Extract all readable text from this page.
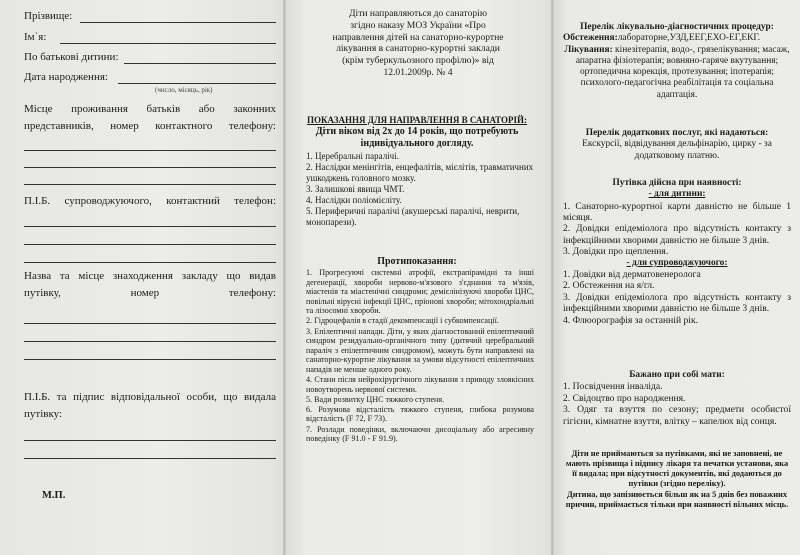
Прізвище:
Ім`я:
По батькові дитини:
Дата народження:
(число, місяць, рік)
Місце проживання батьків або законних представників, номер контактного телефону:
П.І.Б. супроводжуючого, контактний телефон:
Назва та місце знаходження закладу що видав путівку, номер телефону:
П.І.Б. та підпис відповідальної особи, що видала путівку:
М.П.
Діти направляються до санаторію
згідно наказу МОЗ України «Про
направлення дітей на санаторно-курортне
лікування в санаторно-курортні заклади
(крім туберкульозного профілю)» від
12.01.2009р. № 4
ПОКАЗАННЯ ДЛЯ НАПРАВЛЕННЯ В САНАТОРІЙ:
Діти віком від 2х до 14 років, що потребують індивідуального догляду.
1. Церебральні паралічі.
2. Наслідки менінгітів, енцефалітів, мієлітів, травматичних ушкоджень головного мозку.
3. Залишкові явища ЧМТ.
4. Наслідки поліомієліту.
5. Периферичні паралічі (акушерські паралічі, неврити, монопарези).
Протипоказання:

1. Прогресуючі системні атрофії, екстрапірамідні та інші дегенерації, хвороби нервово-м'язового з'єднання та м'язів, міастенія та міастенічні синдроми; демієлінізуючі хвороби ЦНС, повільні вірусні інфекції ЦНС, пріонові хвороби; мітохондріальні та лізосомні хвороби.

2. Гідроцефалія в стадії декомпенсації і субкомпенсації.

3. Епілептичні напади. Діти, у яких діагностований епілептичний синдром резидуально-органічного типу (дитячий церебральний параліч з епілептичним синдромом), можуть бути направлені на санаторно-курортне лікування за умови відсутності епілептичних нападів не менше одного року.

4. Стани після нейрохірургічного лікування з приводу злоякісних новоутворень нервової системи.

5. Вади розвитку ЦНС тяжкого ступеня.

6. Розумова відсталість тяжкого ступеня, глибока розумова відсталість (F 72, F 73).

7. Розлади поведінки, включаючи дисоціальну або агресивну поведінку (F 91.0 - F 91.9).

Перелік лікувально-діагностичних процедур:
Обстеження:лабораторне,УЗД,ЕЕГ,ЕХО-ЕГ,ЕКГ.
Лікування: кінезітерапія, водо-, грязелікування; масаж, апаратна фізіотерапія; вовняно-гаряче вкутування; ортопедична корекція, протезування; іпотерапія; психолого-педагогічна реабілітація та соціальна адаптація.
Перелік додаткових послуг, які надаються:
Екскурсії, відвідування дельфінарію, цирку - за додатковому платню.
Путівка дійсна при наявності:
- для дитини:
1. Санаторно-курортної карти давністю не більше 1 місяця.
2. Довідки епідеміолога про відсутність контакту з інфекційними хворими давністю не більше 3 днів.
3. Довідки про щеплення.
- для супроводжуючого:
1. Довідки від дерматовенеролога
2. Обстеження на я/гл.
3. Довідки епідеміолога про відсутність контакту з інфекційними хворими давністю не більше 3 днів.
4. Флюорографія за останній рік.
Бажано при собі мати:
1. Посвідчення інваліда.
2. Свідоцтво про народження.
3. Одяг та взуття по сезону; предмети особистої гігієни, кімнатне взуття, влітку – капелюх від сонця.

Діти не приймаються за путівками, які не заповнені, не мають прізвища і підпису лікаря та печатки установи, яка її видала; при відсутності документів, які додаються до путівки (згідно переліку).

Дитина, що запізнюється більш як на 5 днів без поважних причин, приймається тільки при наявності вільних місць.
